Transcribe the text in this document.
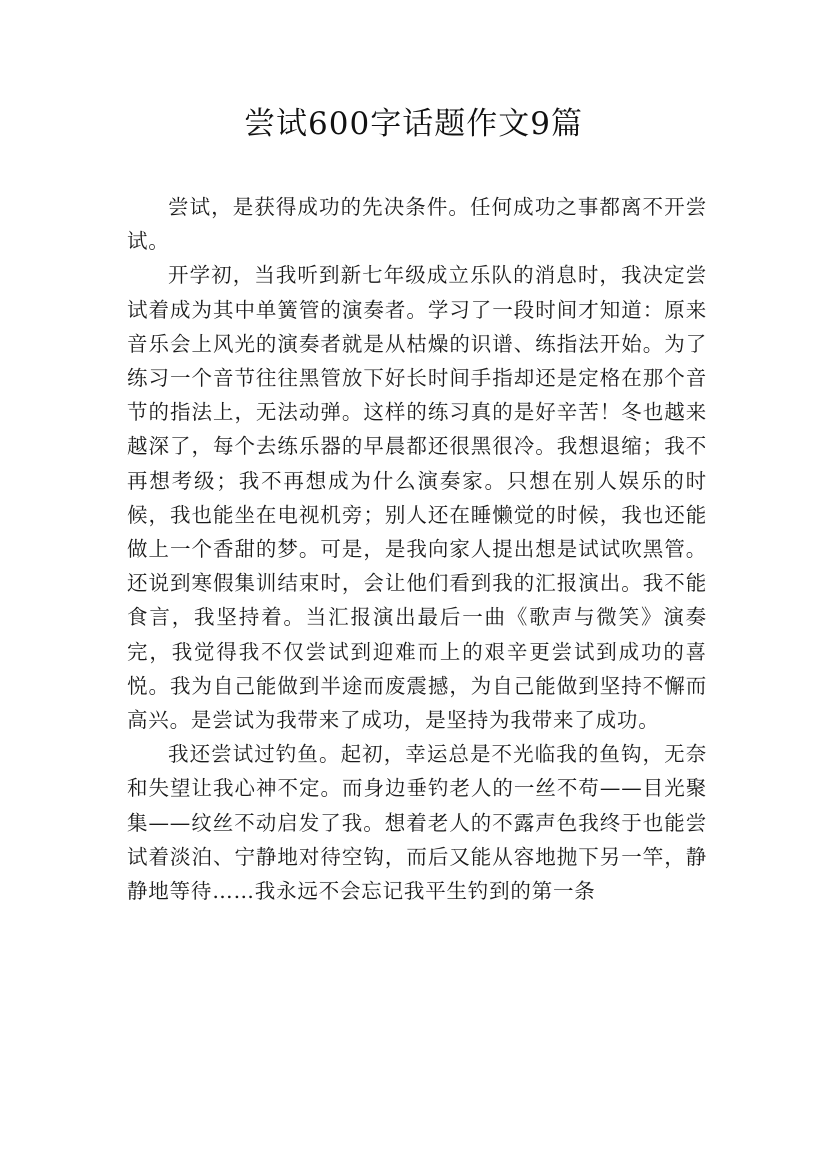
尝试600字话题作文9篇

尝试，是获得成功的先决条件。任何成功之事都离不开尝试。

开学初，当我听到新七年级成立乐队的消息时，我决定尝试着成为其中单簧管的演奏者。学习了一段时间才知道：原来音乐会上风光的演奏者就是从枯燥的识谱、练指法开始。为了练习一个音节往往黑管放下好长时间手指却还是定格在那个音节的指法上，无法动弹。这样的练习真的是好辛苦！冬也越来越深了，每个去练乐器的早晨都还很黑很冷。我想退缩；我不再想考级；我不再想成为什么演奏家。只想在别人娱乐的时候，我也能坐在电视机旁；别人还在睡懒觉的时候，我也还能做上一个香甜的梦。可是，是我向家人提出想是试试吹黑管。还说到寒假集训结束时，会让他们看到我的汇报演出。我不能食言，我坚持着。当汇报演出最后一曲《歌声与微笑》演奏完，我觉得我不仅尝试到迎难而上的艰辛更尝试到成功的喜悦。我为自己能做到半途而废震撼，为自己能做到坚持不懈而高兴。是尝试为我带来了成功，是坚持为我带来了成功。

我还尝试过钓鱼。起初，幸运总是不光临我的鱼钩，无奈和失望让我心神不定。而身边垂钓老人的一丝不苟——目光聚集——纹丝不动启发了我。想着老人的不露声色我终于也能尝试着淡泊、宁静地对待空钩，而后又能从容地抛下另一竿，静静地等待……我永远不会忘记我平生钓到的第一条
